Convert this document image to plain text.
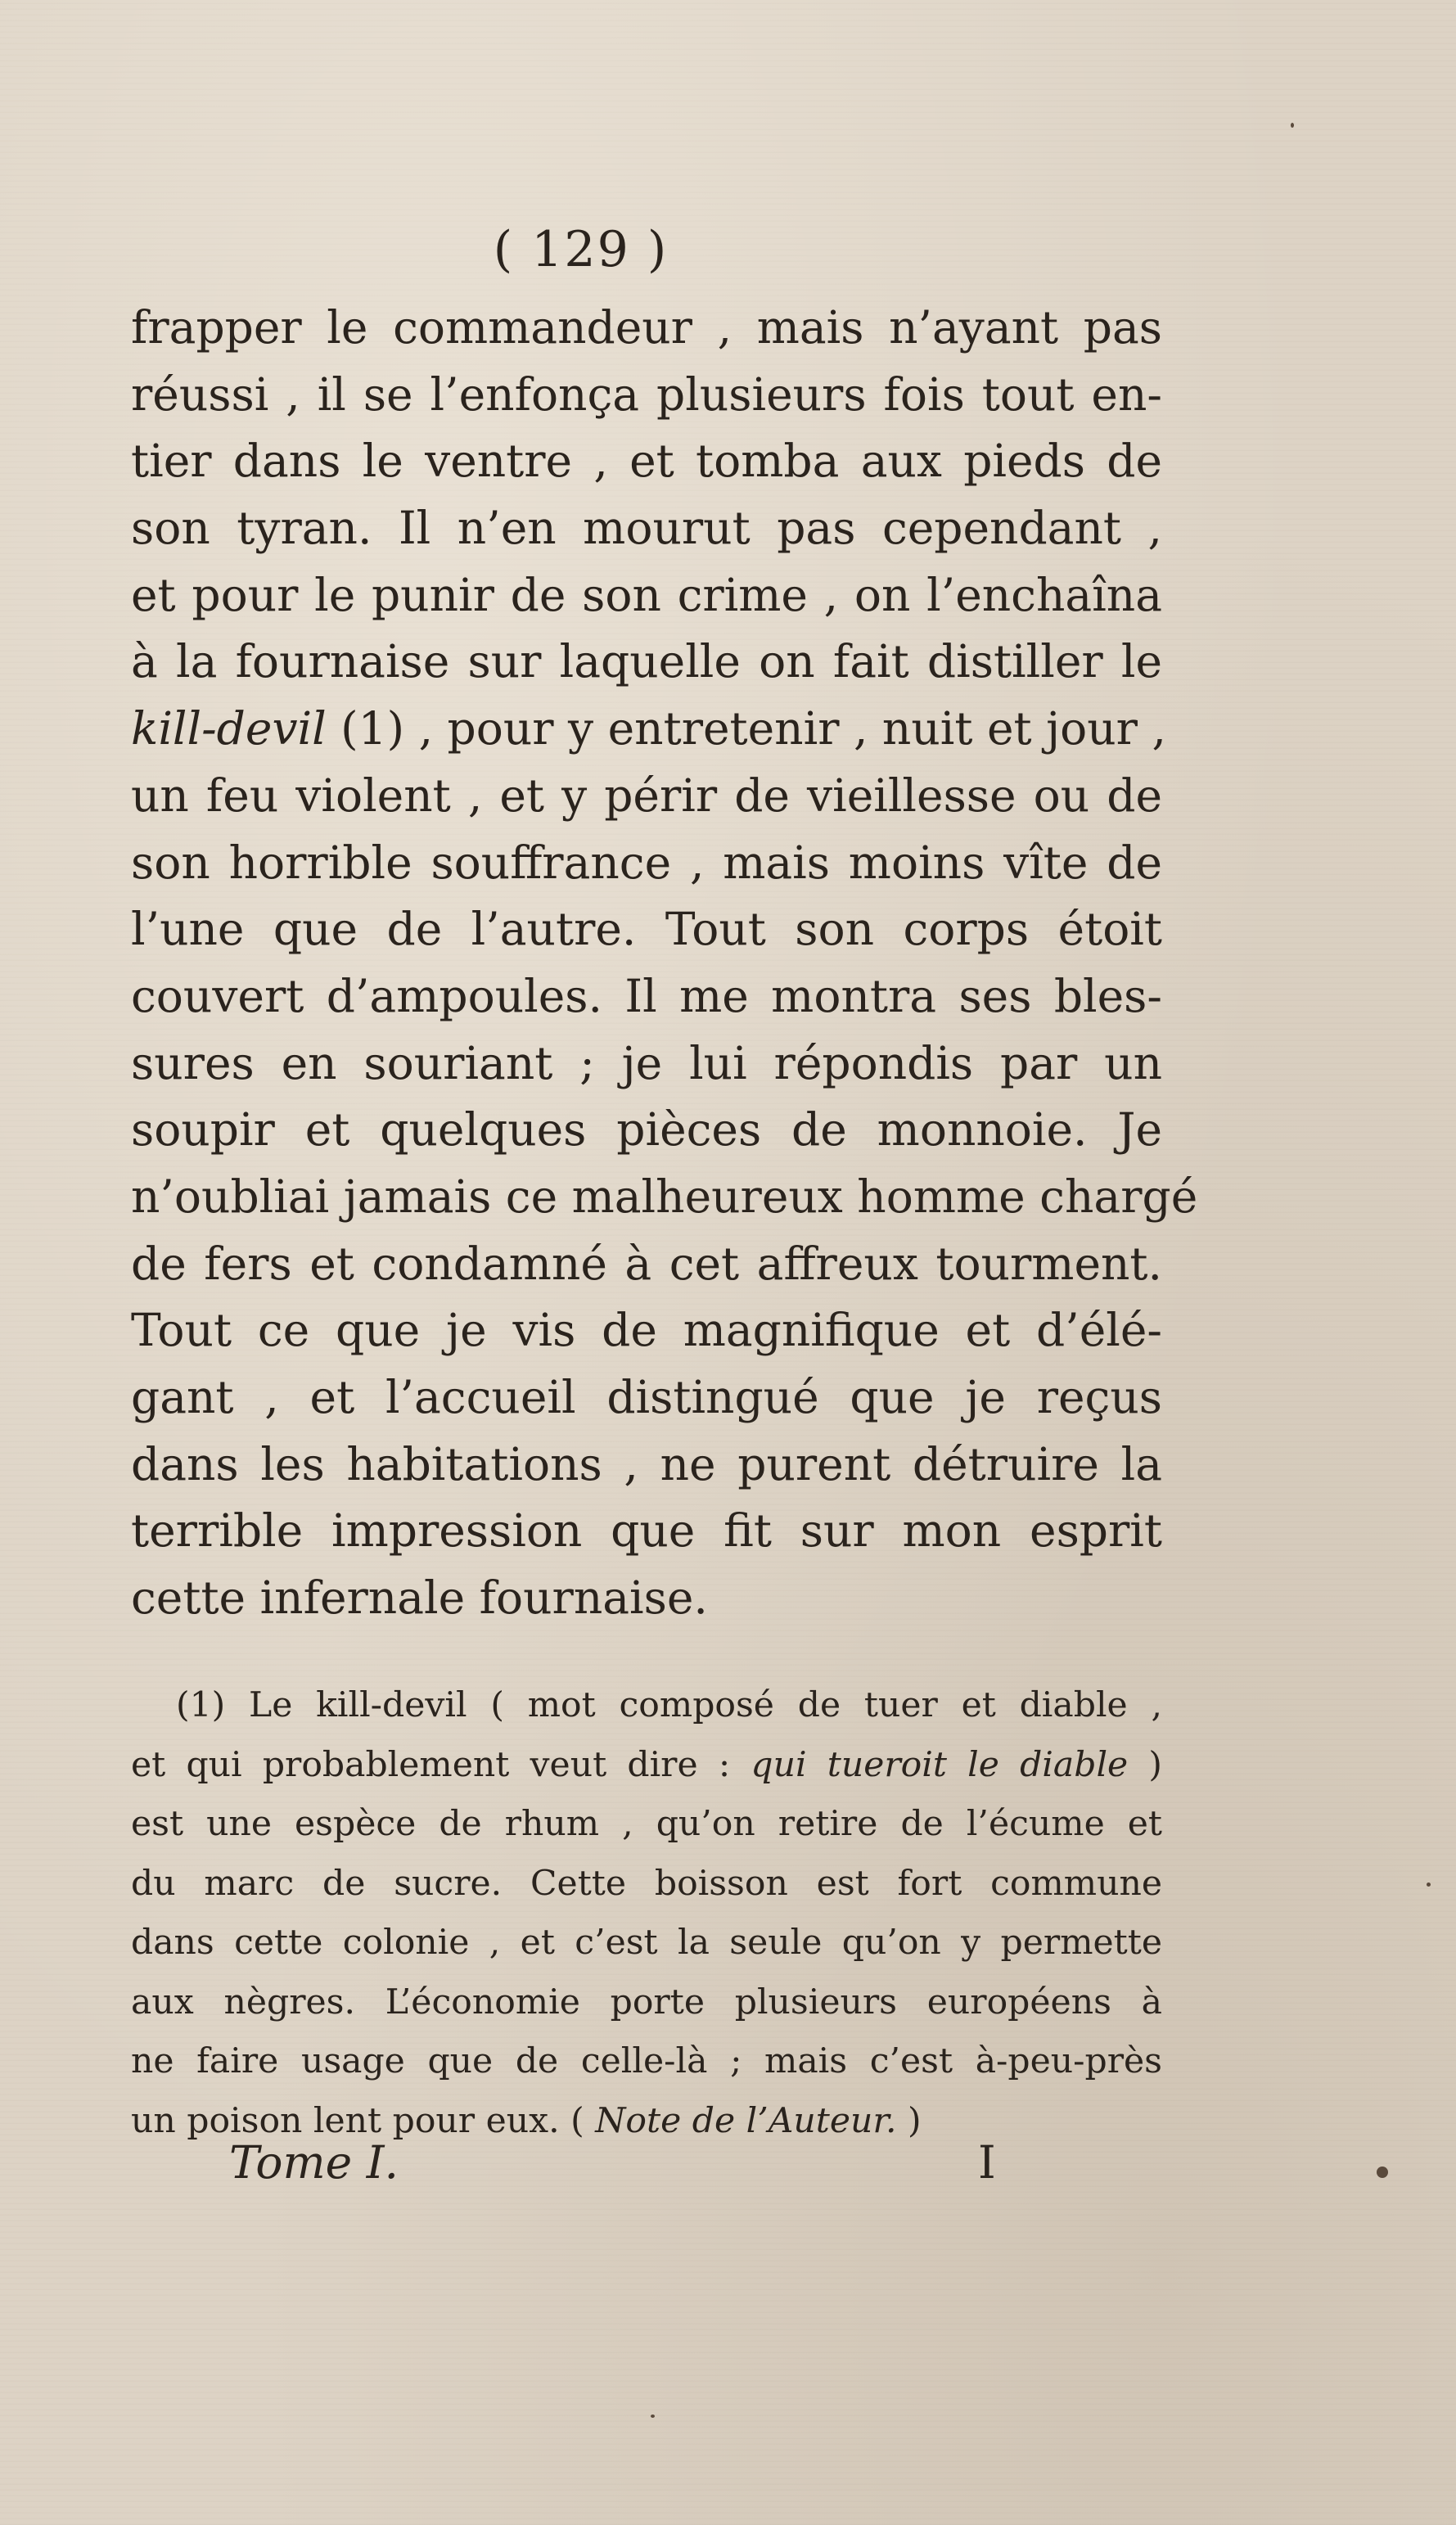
( 129 )
frapper le commandeur , mais n’ayant pas
réussi , il se l’enfonça plusieurs fois tout en-
tier dans le ventre , et tomba aux pieds de
son tyran. Il n’en mourut pas cependant ,
et pour le punir de son crime , on l’enchaîna
à la fournaise sur laquelle on fait distiller le
kill-devil (1) , pour y entretenir , nuit et jour ,
un feu violent , et y périr de vieillesse ou de
son horrible souffrance , mais moins vîte de
l’une que de l’autre. Tout son corps étoit
couvert d’ampoules. Il me montra ses bles-
sures en souriant ; je lui répondis par un
soupir et quelques pièces de monnoie. Je
n’oubliai jamais ce malheureux homme chargé
de fers et condamné à cet affreux tourment.
Tout ce que je vis de magnifique et d’élé-
gant , et l’accueil distingué que je reçus
dans les habitations , ne purent détruire la
terrible impression que fit sur mon esprit
cette infernale fournaise.
(1) Le kill-devil ( mot composé de tuer et diable ,
et qui probablement veut dire : qui tueroit le diable )
est une espèce de rhum , qu’on retire de l’écume et
du marc de sucre. Cette boisson est fort commune
dans cette colonie , et c’est la seule qu’on y permette
aux nègres. L’économie porte plusieurs européens à
ne faire usage que de celle-là ; mais c’est à-peu-près
un poison lent pour eux. ( Note de l’Auteur. )
Tome I.	I
